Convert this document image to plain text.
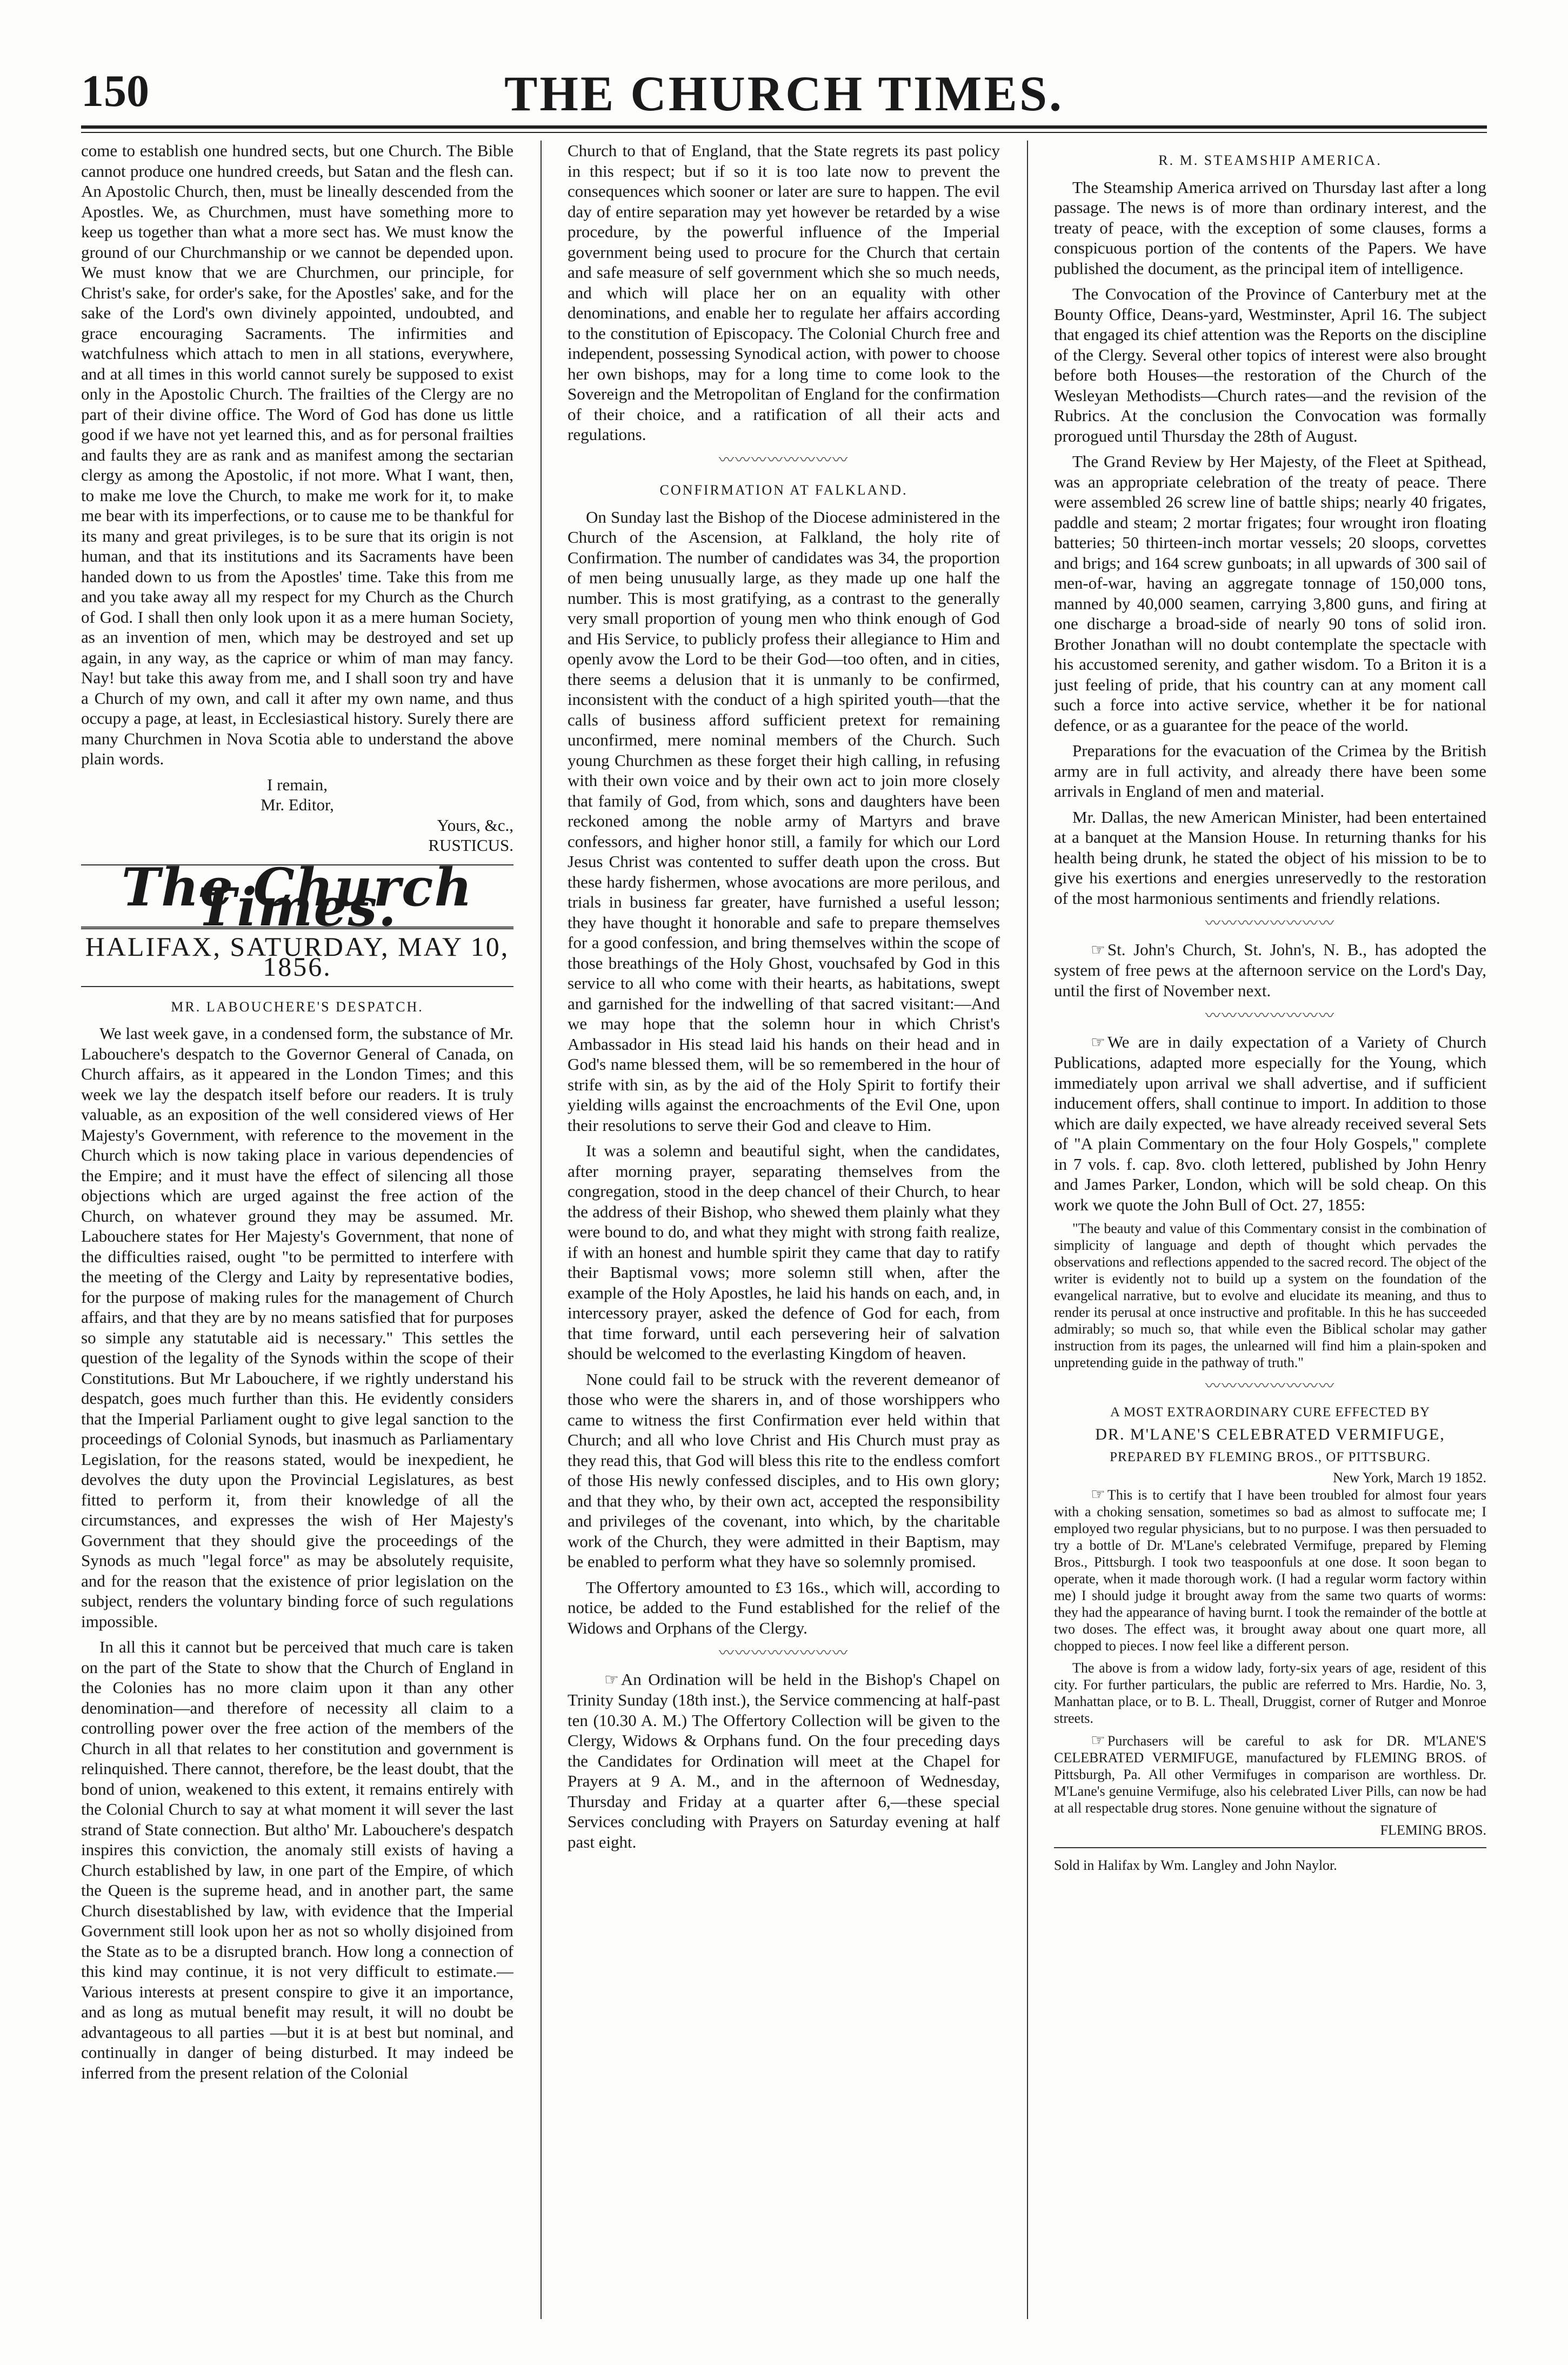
150	THE CHURCH TIMES.

come to establish one hundred sects, but one Church. The Bible cannot produce one hundred creeds, but Satan and the flesh can. An Apostolic Church, then, must be lineally descended from the Apostles. We, as Churchmen, must have something more to keep us together than what a more sect has. We must know the ground of our Churchmanship or we cannot be depended upon. We must know that we are Churchmen, our principle, for Christ's sake, for order's sake, for the Apostles' sake, and for the sake of the Lord's own divinely appointed, undoubted, and grace encouraging Sacraments. The infirmities and watchfulness which attach to men in all stations, everywhere, and at all times in this world cannot surely be supposed to exist only in the Apostolic Church. The frailties of the Clergy are no part of their divine office. The Word of God has done us little good if we have not yet learned this, and as for personal frailties and faults they are as rank and as manifest among the sectarian clergy as among the Apostolic, if not more. What I want, then, to make me love the Church, to make me work for it, to make me bear with its imperfections, or to cause me to be thankful for its many and great privileges, is to be sure that its origin is not human, and that its institutions and its Sacraments have been handed down to us from the Apostles' time. Take this from me and you take away all my respect for my Church as the Church of God. I shall then only look upon it as a mere human Society, as an invention of men, which may be destroyed and set up again, in any way, as the caprice or whim of man may fancy. Nay! but take this away from me, and I shall soon try and have a Church of my own, and call it after my own name, and thus occupy a page, at least, in Ecclesiastical history. Surely there are many Churchmen in Nova Scotia able to understand the above plain words.

I remain,

Mr. Editor,

Yours, &c.,

RUSTICUS.

The Church Times.
HALIFAX, SATURDAY, MAY 10, 1856.
MR. LABOUCHERE'S DESPATCH.

We last week gave, in a condensed form, the substance of Mr. Labouchere's despatch to the Governor General of Canada, on Church affairs, as it appeared in the London Times; and this week we lay the despatch itself before our readers. It is truly valuable, as an exposition of the well considered views of Her Majesty's Government, with reference to the movement in the Church which is now taking place in various dependencies of the Empire; and it must have the effect of silencing all those objections which are urged against the free action of the Church, on whatever ground they may be assumed. Mr. Labouchere states for Her Majesty's Government, that none of the difficulties raised, ought "to be permitted to interfere with the meeting of the Clergy and Laity by representative bodies, for the purpose of making rules for the management of Church affairs, and that they are by no means satisfied that for purposes so simple any statutable aid is necessary." This settles the question of the legality of the Synods within the scope of their Constitutions. But Mr Labouchere, if we rightly understand his despatch, goes much further than this. He evidently considers that the Imperial Parliament ought to give legal sanction to the proceedings of Colonial Synods, but inasmuch as Parliamentary Legislation, for the reasons stated, would be inexpedient, he devolves the duty upon the Provincial Legislatures, as best fitted to perform it, from their knowledge of all the circumstances, and expresses the wish of Her Majesty's Government that they should give the proceedings of the Synods as much "legal force" as may be absolutely requisite, and for the reason that the existence of prior legislation on the subject, renders the voluntary binding force of such regulations impossible.

In all this it cannot but be perceived that much care is taken on the part of the State to show that the Church of England in the Colonies has no more claim upon it than any other denomination—and therefore of necessity all claim to a controlling power over the free action of the members of the Church in all that relates to her constitution and government is relinquished. There cannot, therefore, be the least doubt, that the bond of union, weakened to this extent, it remains entirely with the Colonial Church to say at what moment it will sever the last strand of State connection. But altho' Mr. Labouchere's despatch inspires this conviction, the anomaly still exists of having a Church established by law, in one part of the Empire, of which the Queen is the supreme head, and in another part, the same Church disestablished by law, with evidence that the Imperial Government still look upon her as not so wholly disjoined from the State as to be a disrupted branch. How long a connection of this kind may continue, it is not very difficult to estimate.— Various interests at present conspire to give it an importance, and as long as mutual benefit may result, it will no doubt be advantageous to all parties —but it is at best but nominal, and continually in danger of being disturbed. It may indeed be inferred from the present relation of the Colonial

Church to that of England, that the State regrets its past policy in this respect; but if so it is too late now to prevent the consequences which sooner or later are sure to happen. The evil day of entire separation may yet however be retarded by a wise procedure, by the powerful influence of the Imperial government being used to procure for the Church that certain and safe measure of self government which she so much needs, and which will place her on an equality with other denominations, and enable her to regulate her affairs according to the constitution of Episcopacy. The Colonial Church free and independent, possessing Synodical action, with power to choose her own bishops, may for a long time to come look to the Sovereign and the Metropolitan of England for the confirmation of their choice, and a ratification of all their acts and regulations.

〰〰〰〰〰〰〰〰
CONFIRMATION AT FALKLAND.

On Sunday last the Bishop of the Diocese administered in the Church of the Ascension, at Falkland, the holy rite of Confirmation. The number of candidates was 34, the proportion of men being unusually large, as they made up one half the number. This is most gratifying, as a contrast to the generally very small proportion of young men who think enough of God and His Service, to publicly profess their allegiance to Him and openly avow the Lord to be their God—too often, and in cities, there seems a delusion that it is unmanly to be confirmed, inconsistent with the conduct of a high spirited youth—that the calls of business afford sufficient pretext for remaining unconfirmed, mere nominal members of the Church. Such young Churchmen as these forget their high calling, in refusing with their own voice and by their own act to join more closely that family of God, from which, sons and daughters have been reckoned among the noble army of Martyrs and brave confessors, and higher honor still, a family for which our Lord Jesus Christ was contented to suffer death upon the cross. But these hardy fishermen, whose avocations are more perilous, and trials in business far greater, have furnished a useful lesson; they have thought it honorable and safe to prepare themselves for a good confession, and bring themselves within the scope of those breathings of the Holy Ghost, vouchsafed by God in this service to all who come with their hearts, as habitations, swept and garnished for the indwelling of that sacred visitant:—And we may hope that the solemn hour in which Christ's Ambassador in His stead laid his hands on their head and in God's name blessed them, will be so remembered in the hour of strife with sin, as by the aid of the Holy Spirit to fortify their yielding wills against the encroachments of the Evil One, upon their resolutions to serve their God and cleave to Him.

It was a solemn and beautiful sight, when the candidates, after morning prayer, separating themselves from the congregation, stood in the deep chancel of their Church, to hear the address of their Bishop, who shewed them plainly what they were bound to do, and what they might with strong faith realize, if with an honest and humble spirit they came that day to ratify their Baptismal vows; more solemn still when, after the example of the Holy Apostles, he laid his hands on each, and, in intercessory prayer, asked the defence of God for each, from that time forward, until each persevering heir of salvation should be welcomed to the everlasting Kingdom of heaven.

None could fail to be struck with the reverent demeanor of those who were the sharers in, and of those worshippers who came to witness the first Confirmation ever held within that Church; and all who love Christ and His Church must pray as they read this, that God will bless this rite to the endless comfort of those His newly confessed disciples, and to His own glory; and that they who, by their own act, accepted the responsibility and privileges of the covenant, into which, by the charitable work of the Church, they were admitted in their Baptism, may be enabled to perform what they have so solemnly promised.

The Offertory amounted to £3 16s., which will, according to notice, be added to the Fund established for the relief of the Widows and Orphans of the Clergy.

〰〰〰〰〰〰〰〰

☞ An Ordination will be held in the Bishop's Chapel on Trinity Sunday (18th inst.), the Service commencing at half-past ten (10.30 A. M.) The Offertory Collection will be given to the Clergy, Widows & Orphans fund. On the four preceding days the Candidates for Ordination will meet at the Chapel for Prayers at 9 A. M., and in the afternoon of Wednesday, Thursday and Friday at a quarter after 6,—these special Services concluding with Prayers on Saturday evening at half past eight.

R. M. STEAMSHIP AMERICA.

The Steamship America arrived on Thursday last after a long passage. The news is of more than ordinary interest, and the treaty of peace, with the exception of some clauses, forms a conspicuous portion of the contents of the Papers. We have published the document, as the principal item of intelligence.

The Convocation of the Province of Canterbury met at the Bounty Office, Deans-yard, Westminster, April 16. The subject that engaged its chief attention was the Reports on the discipline of the Clergy. Several other topics of interest were also brought before both Houses—the restoration of the Church of the Wesleyan Methodists—Church rates—and the revision of the Rubrics. At the conclusion the Convocation was formally prorogued until Thursday the 28th of August.

The Grand Review by Her Majesty, of the Fleet at Spithead, was an appropriate celebration of the treaty of peace. There were assembled 26 screw line of battle ships; nearly 40 frigates, paddle and steam; 2 mortar frigates; four wrought iron floating batteries; 50 thirteen-inch mortar vessels; 20 sloops, corvettes and brigs; and 164 screw gunboats; in all upwards of 300 sail of men-of-war, having an aggregate tonnage of 150,000 tons, manned by 40,000 seamen, carrying 3,800 guns, and firing at one discharge a broad-side of nearly 90 tons of solid iron. Brother Jonathan will no doubt contemplate the spectacle with his accustomed serenity, and gather wisdom. To a Briton it is a just feeling of pride, that his country can at any moment call such a force into active service, whether it be for national defence, or as a guarantee for the peace of the world.

Preparations for the evacuation of the Crimea by the British army are in full activity, and already there have been some arrivals in England of men and material.

Mr. Dallas, the new American Minister, had been entertained at a banquet at the Mansion House. In returning thanks for his health being drunk, he stated the object of his mission to be to give his exertions and energies unreservedly to the restoration of the most harmonious sentiments and friendly relations.

〰〰〰〰〰〰〰〰

☞ St. John's Church, St. John's, N. B., has adopted the system of free pews at the afternoon service on the Lord's Day, until the first of November next.

〰〰〰〰〰〰〰〰

☞ We are in daily expectation of a Variety of Church Publications, adapted more especially for the Young, which immediately upon arrival we shall advertise, and if sufficient inducement offers, shall continue to import. In addition to those which are daily expected, we have already received several Sets of "A plain Commentary on the four Holy Gospels," complete in 7 vols. f. cap. 8vo. cloth lettered, published by John Henry and James Parker, London, which will be sold cheap. On this work we quote the John Bull of Oct. 27, 1855:

"The beauty and value of this Commentary consist in the combination of simplicity of language and depth of thought which pervades the observations and reflections appended to the sacred record. The object of the writer is evidently not to build up a system on the foundation of the evangelical narrative, but to evolve and elucidate its meaning, and thus to render its perusal at once instructive and profitable. In this he has succeeded admirably; so much so, that while even the Biblical scholar may gather instruction from its pages, the unlearned will find him a plain-spoken and unpretending guide in the pathway of truth."

〰〰〰〰〰〰〰〰
A MOST EXTRAORDINARY CURE EFFECTED BY
DR. M'LANE'S CELEBRATED VERMIFUGE,
PREPARED BY FLEMING BROS., OF PITTSBURG.

New York, March 19 1852.

☞ This is to certify that I have been troubled for almost four years with a choking sensation, sometimes so bad as almost to suffocate me; I employed two regular physicians, but to no purpose. I was then persuaded to try a bottle of Dr. M'Lane's celebrated Vermifuge, prepared by Fleming Bros., Pittsburgh. I took two teaspoonfuls at one dose. It soon began to operate, when it made thorough work. (I had a regular worm factory within me) I should judge it brought away from the same two quarts of worms: they had the appearance of having burnt. I took the remainder of the bottle at two doses. The effect was, it brought away about one quart more, all chopped to pieces. I now feel like a different person.

The above is from a widow lady, forty-six years of age, resident of this city. For further particulars, the public are referred to Mrs. Hardie, No. 3, Manhattan place, or to B. L. Theall, Druggist, corner of Rutger and Monroe streets.

☞ Purchasers will be careful to ask for DR. M'LANE'S CELEBRATED VERMIFUGE, manufactured by FLEMING BROS. of Pittsburgh, Pa. All other Vermifuges in comparison are worthless. Dr. M'Lane's genuine Vermifuge, also his celebrated Liver Pills, can now be had at all respectable drug stores. None genuine without the signature of

FLEMING BROS.

Sold in Halifax by Wm. Langley and John Naylor.
